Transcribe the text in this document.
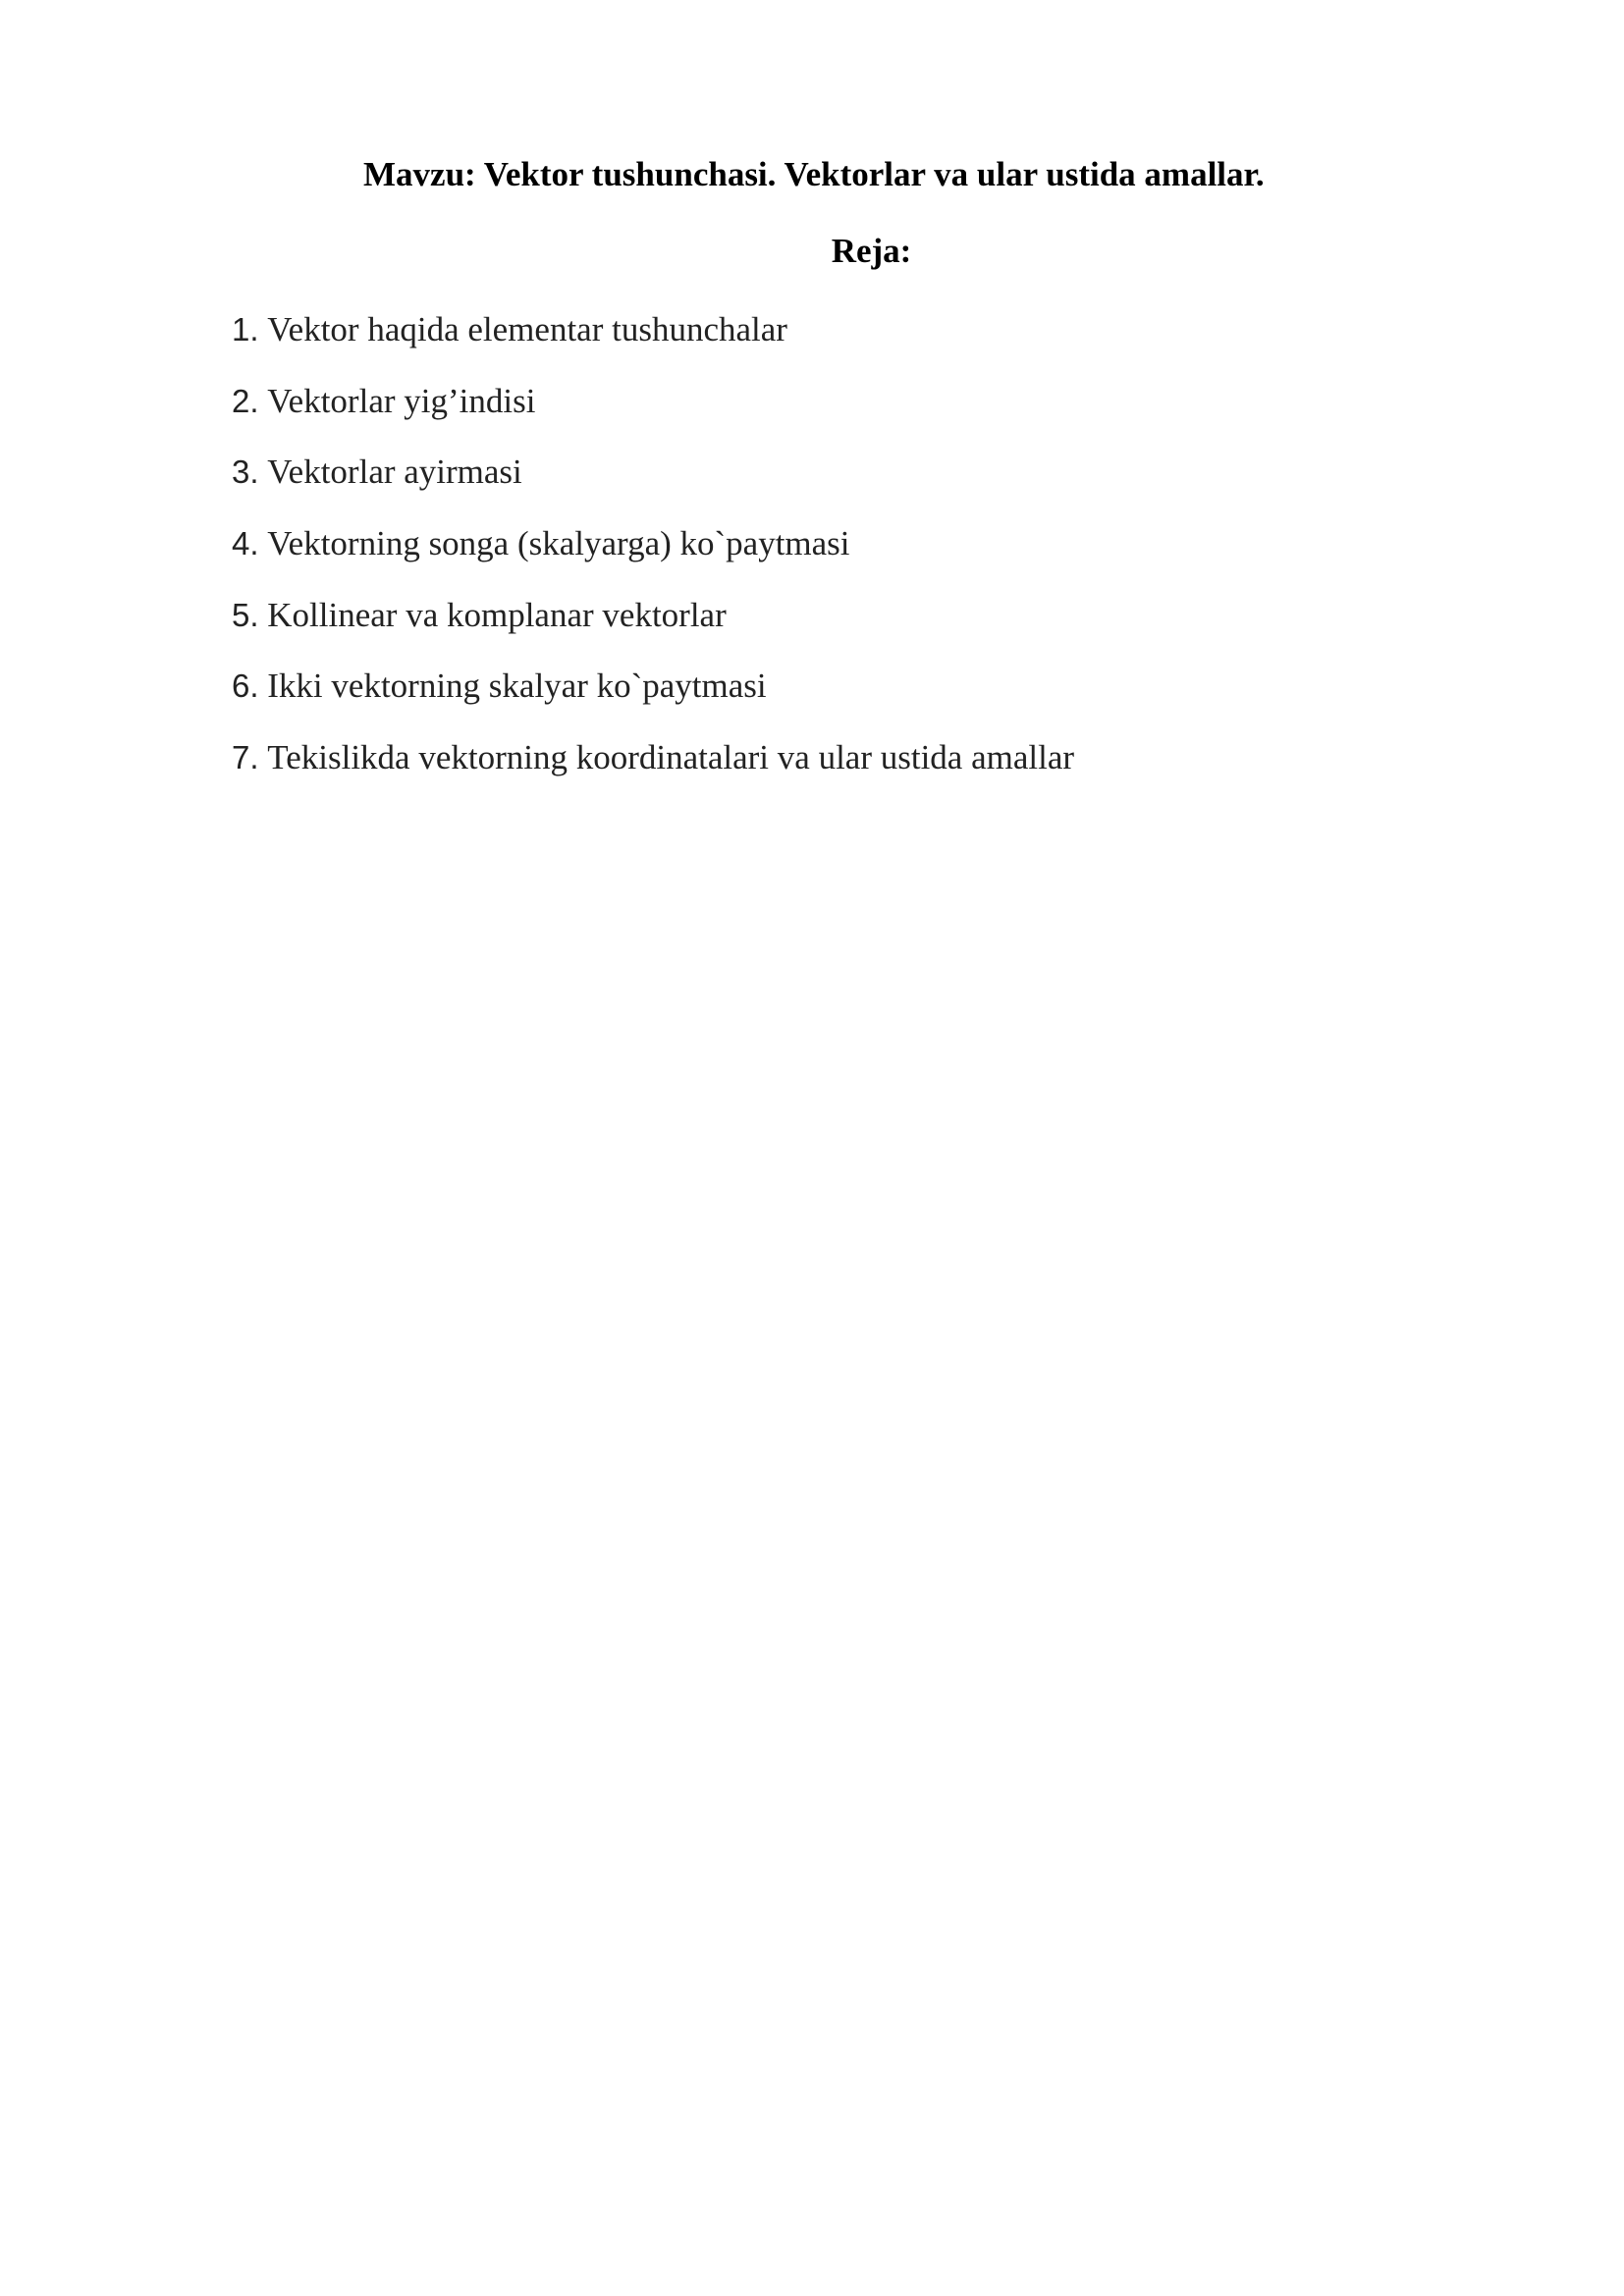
Mavzu: Vektor tushunchasi. Vektorlar va ular ustida amallar.
Reja:
1. Vektor haqida elementar tushunchalar
2. Vektorlar yig’indisi
3. Vektorlar ayirmasi
4. Vektorning songa (skalyarga) ko`paytmasi
5. Kollinear va komplanar vektorlar
6. Ikki vektorning skalyar ko`paytmasi
7. Tekislikda vektorning koordinatalari va ular ustida amallar
